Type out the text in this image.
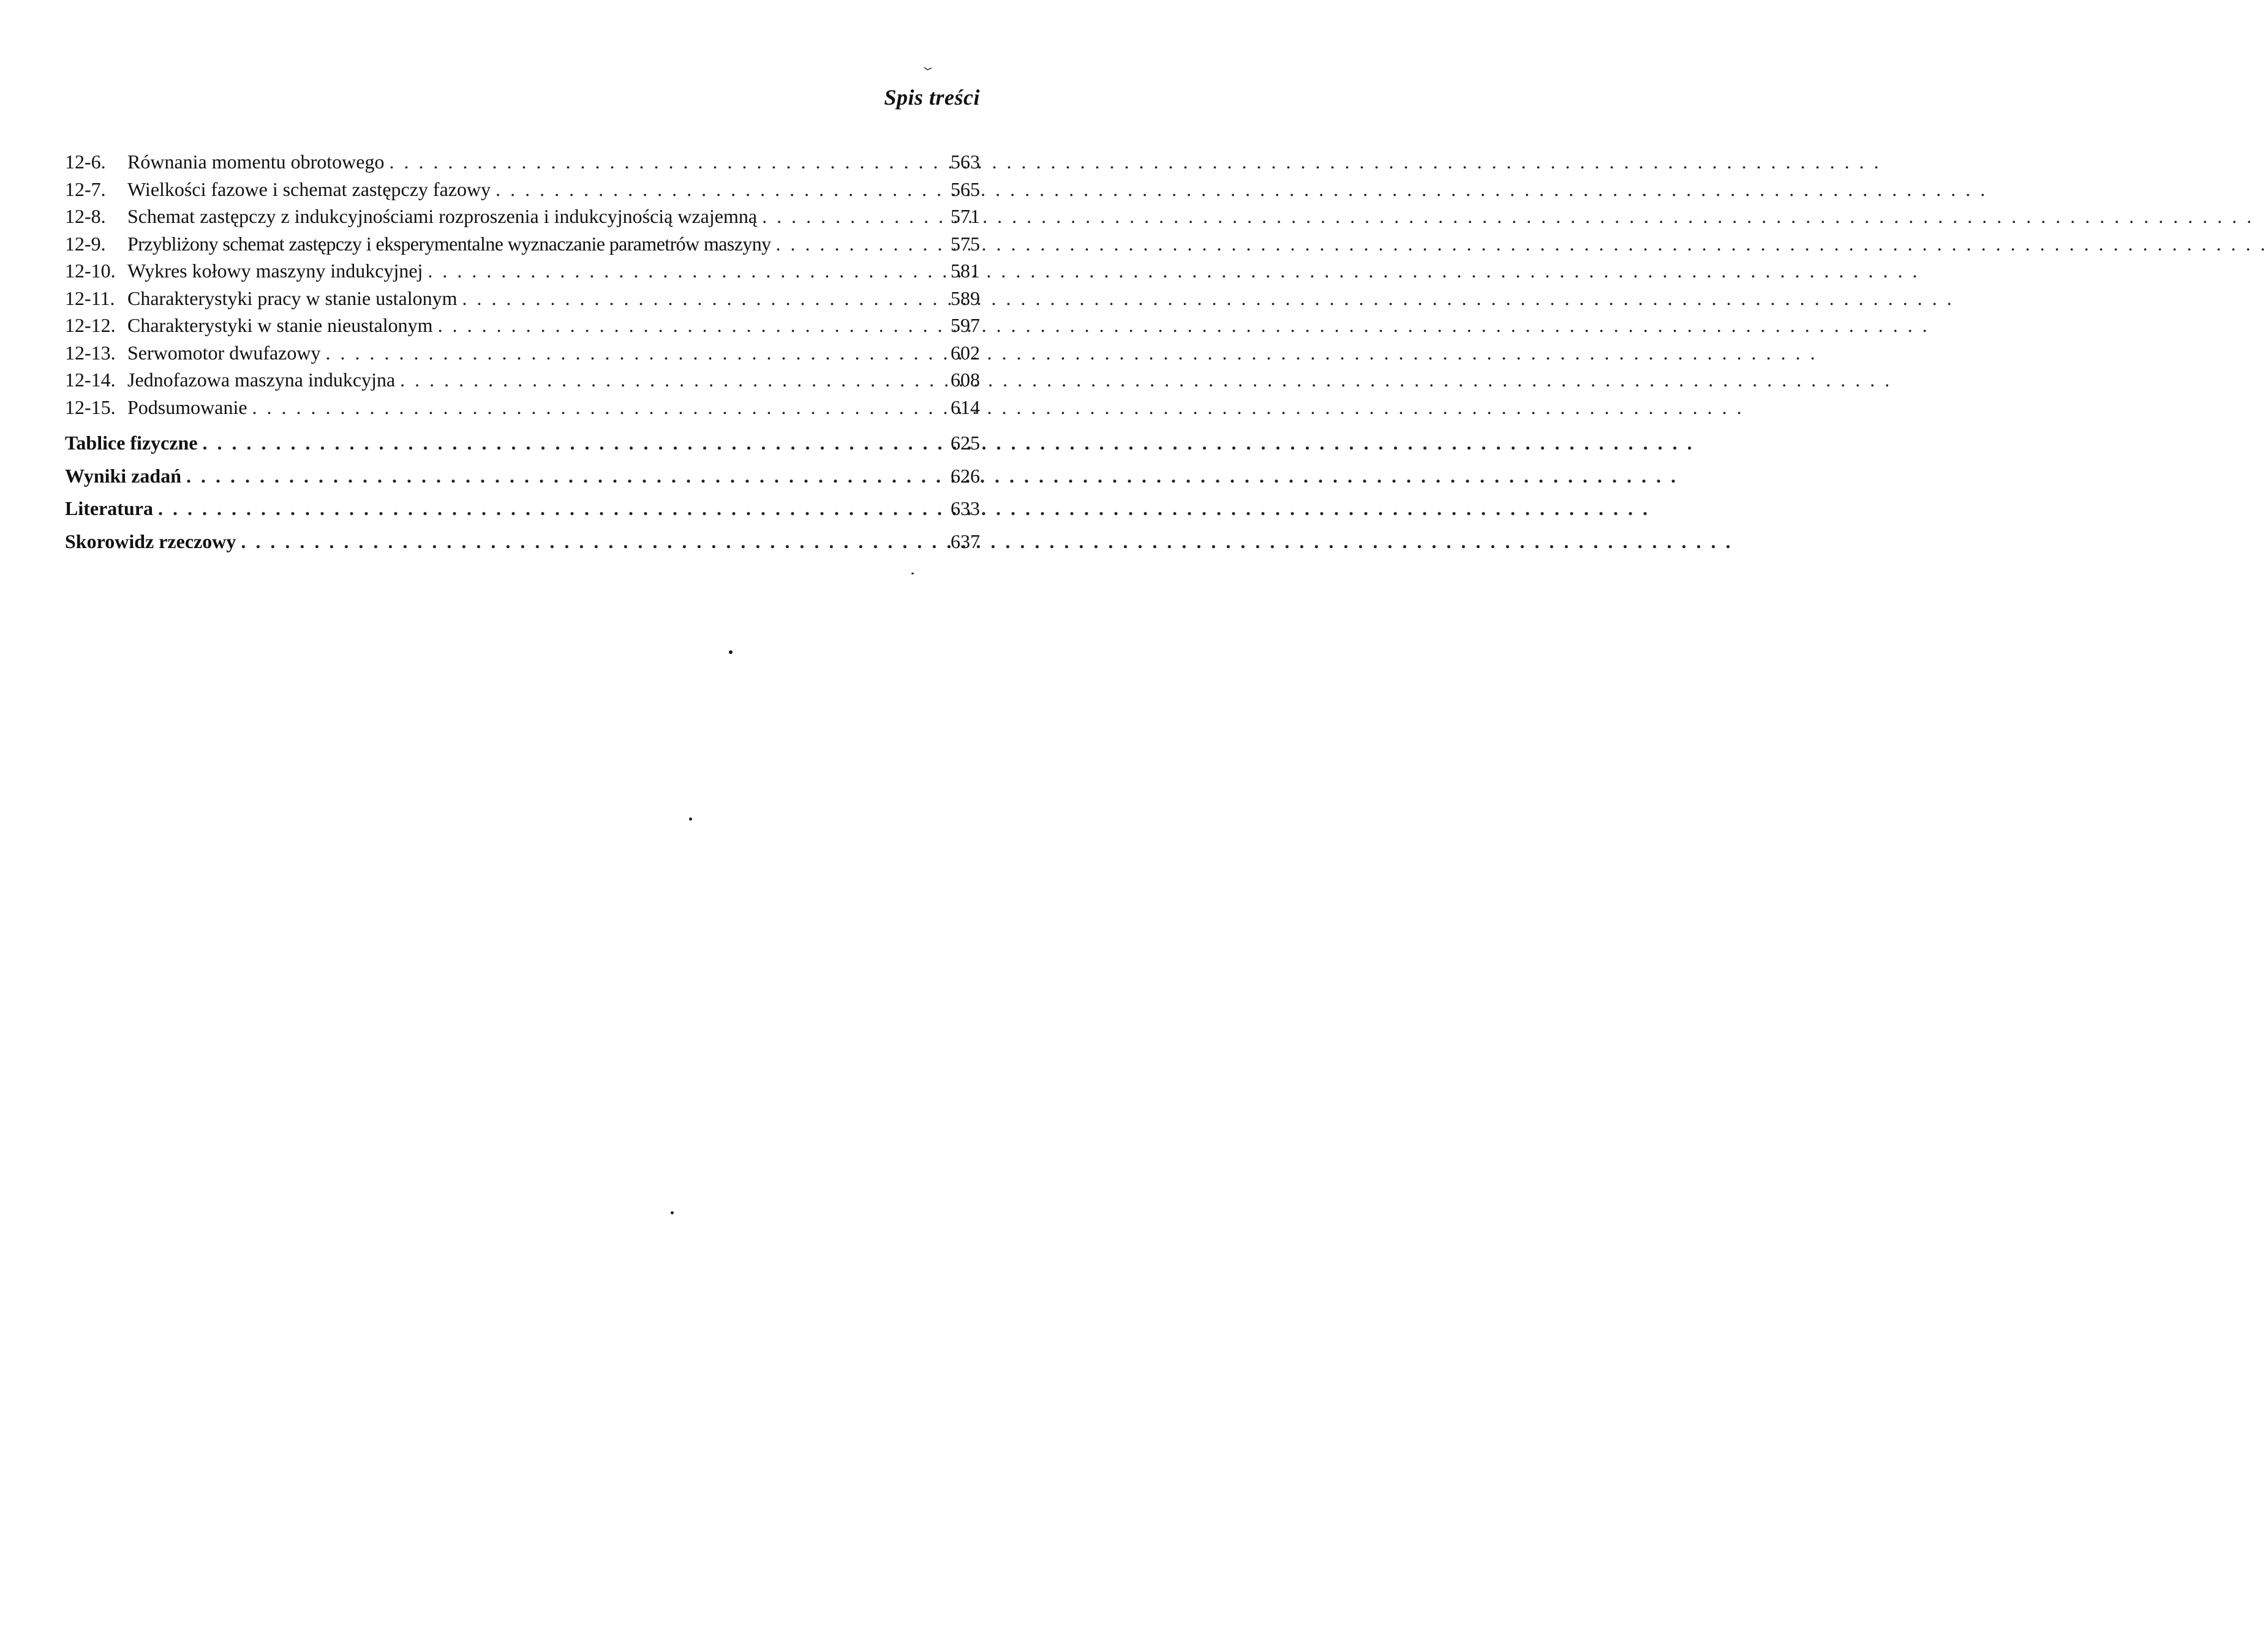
Spis treści
12-6.	Równania momentu obrotowego . . .	563
12-7.	Wielkości fazowe i schemat zastępczy fazowy . . .	565
12-8.	Schemat zastępczy z indukcyjnościami rozproszenia i indukcyjnością wzajemną . . .	571
12-9.	Przybliżony schemat zastępczy i eksperymentalne wyznaczanie parametrów maszyny . . .	575
12-10. Wykres kołowy maszyny indukcyjnej . . .	581
12-11. Charakterystyki pracy w stanie ustalonym . . .	589
12-12. Charakterystyki w stanie nieustalonym . . .	597
12-13. Serwomotor dwufazowy . . .	602
12-14. Jednofazowa maszyna indukcyjna . . .	608
12-15. Podsumowanie . . .	614
Tablice fizyczne . . .	625
Wyniki zadań . . .	626
Literatura . . .	633
Skorowidz rzeczowy . . .	637
